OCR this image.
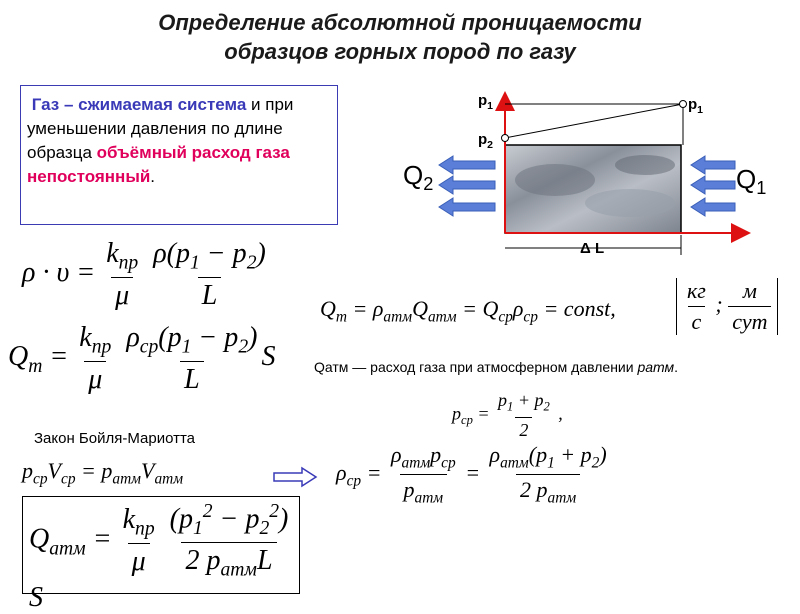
Определение абсолютной проницаемости
образцов горных пород по газу

Газ – сжимаемая система и при уменьшении давления по длине образца объёмный расход газа непостоянный.

$p_1$	$p_1$
$p_2$
$Q_2$	$Q_1$
Δ L
$\rho \cdot \upsilon = \frac{k_{пр}}{\mu}$
$\frac{\rho(p_1 - p_2)}{L}$
$Q_m = \frac{k_{пр}}{\mu}$
$\frac{\rho_{ср}(p_1 - p_2)}{L}$ S
$Q_m = \rho_{атм}Q_{атм} = Q_{ср}\rho_{ср}$ = const,	$\frac{кг}{с}$ ; $\frac{м}{\text{сут}}$
Qатм — расход газа при атмосферном давлении pатм.
$p_{ср} = \frac{p_1 + p_2}{2}$ ,
Закон Бойля-Мариотта
$p_{ср}V_{ср} = p_{атм}V_{атм}$	$\rho_{ср} = \frac{\rho_{атм}p_{ср}}{p_{атм}} = \frac{\rho_{атм}(p_1 + p_2)}{2 p_{атм}}$
$Q_{атм} = \frac{k_{пр}}{\mu}$
$\frac{(p_1^2 - p_2^2)}{2 p_{атм}L}$
S
